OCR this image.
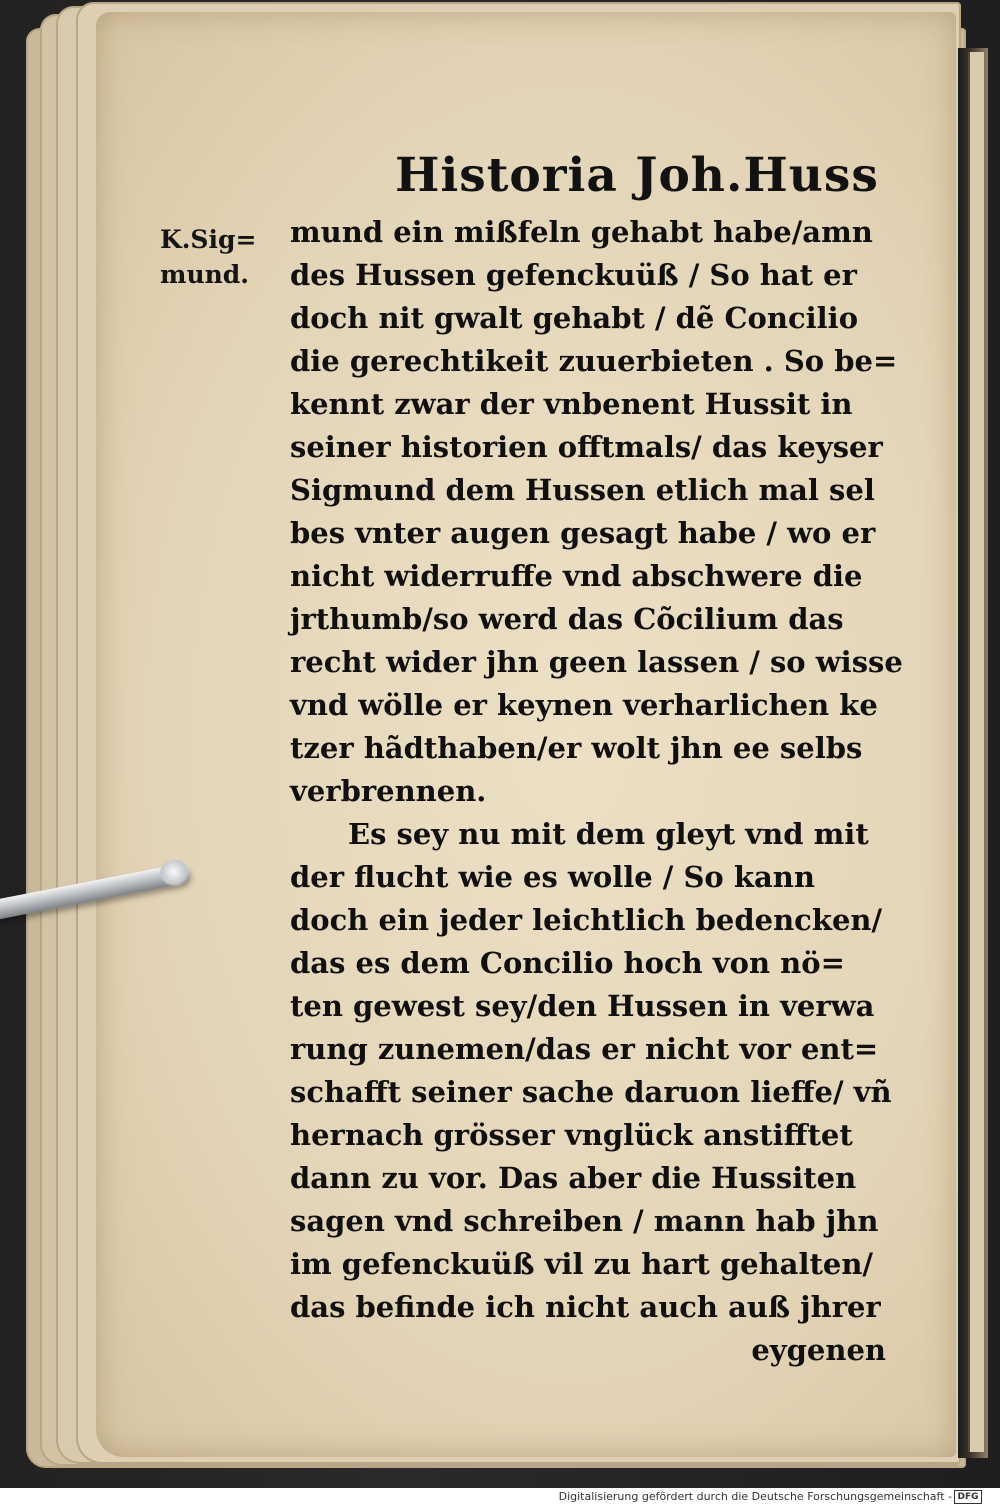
Historia Joh.Huss
K.Sig=
mund.
mund ein mißfeln gehabt habe/amn
des Hussen gefenckuüß / So hat er
doch nit gwalt gehabt / dẽ Concilio
die gerechtikeit zuuerbieten . So be=
kennt zwar der vnbenent Hussit in
seiner historien offtmals/ das keyser
Sigmund dem Hussen etlich mal sel
bes vnter augen gesagt habe / wo er
nicht widerruffe vnd abschwere die
jrthumb/so werd das Cõcilium das
recht wider jhn geen lassen / so wisse
vnd wölle er keynen verharlichen ke
tzer hãdthaben/er wolt jhn ee selbs
verbrennen.
Es sey nu mit dem gleyt vnd mit
der flucht wie es wolle / So kann
doch ein jeder leichtlich bedencken/
das es dem Concilio hoch von nö=
ten gewest sey/den Hussen in verwa
rung zunemen/das er nicht vor ent=
schafft seiner sache daruon lieffe/ vñ
hernach grösser vnglück anstifftet
dann zu vor. Das aber die Hussiten
sagen vnd schreiben / mann hab jhn
im gefenckuüß vil zu hart gehalten/
das befinde ich nicht auch auß jhrer
eygenen
Digitalisierung gefördert durch die Deutsche Forschungsgemeinschaft - DFG
